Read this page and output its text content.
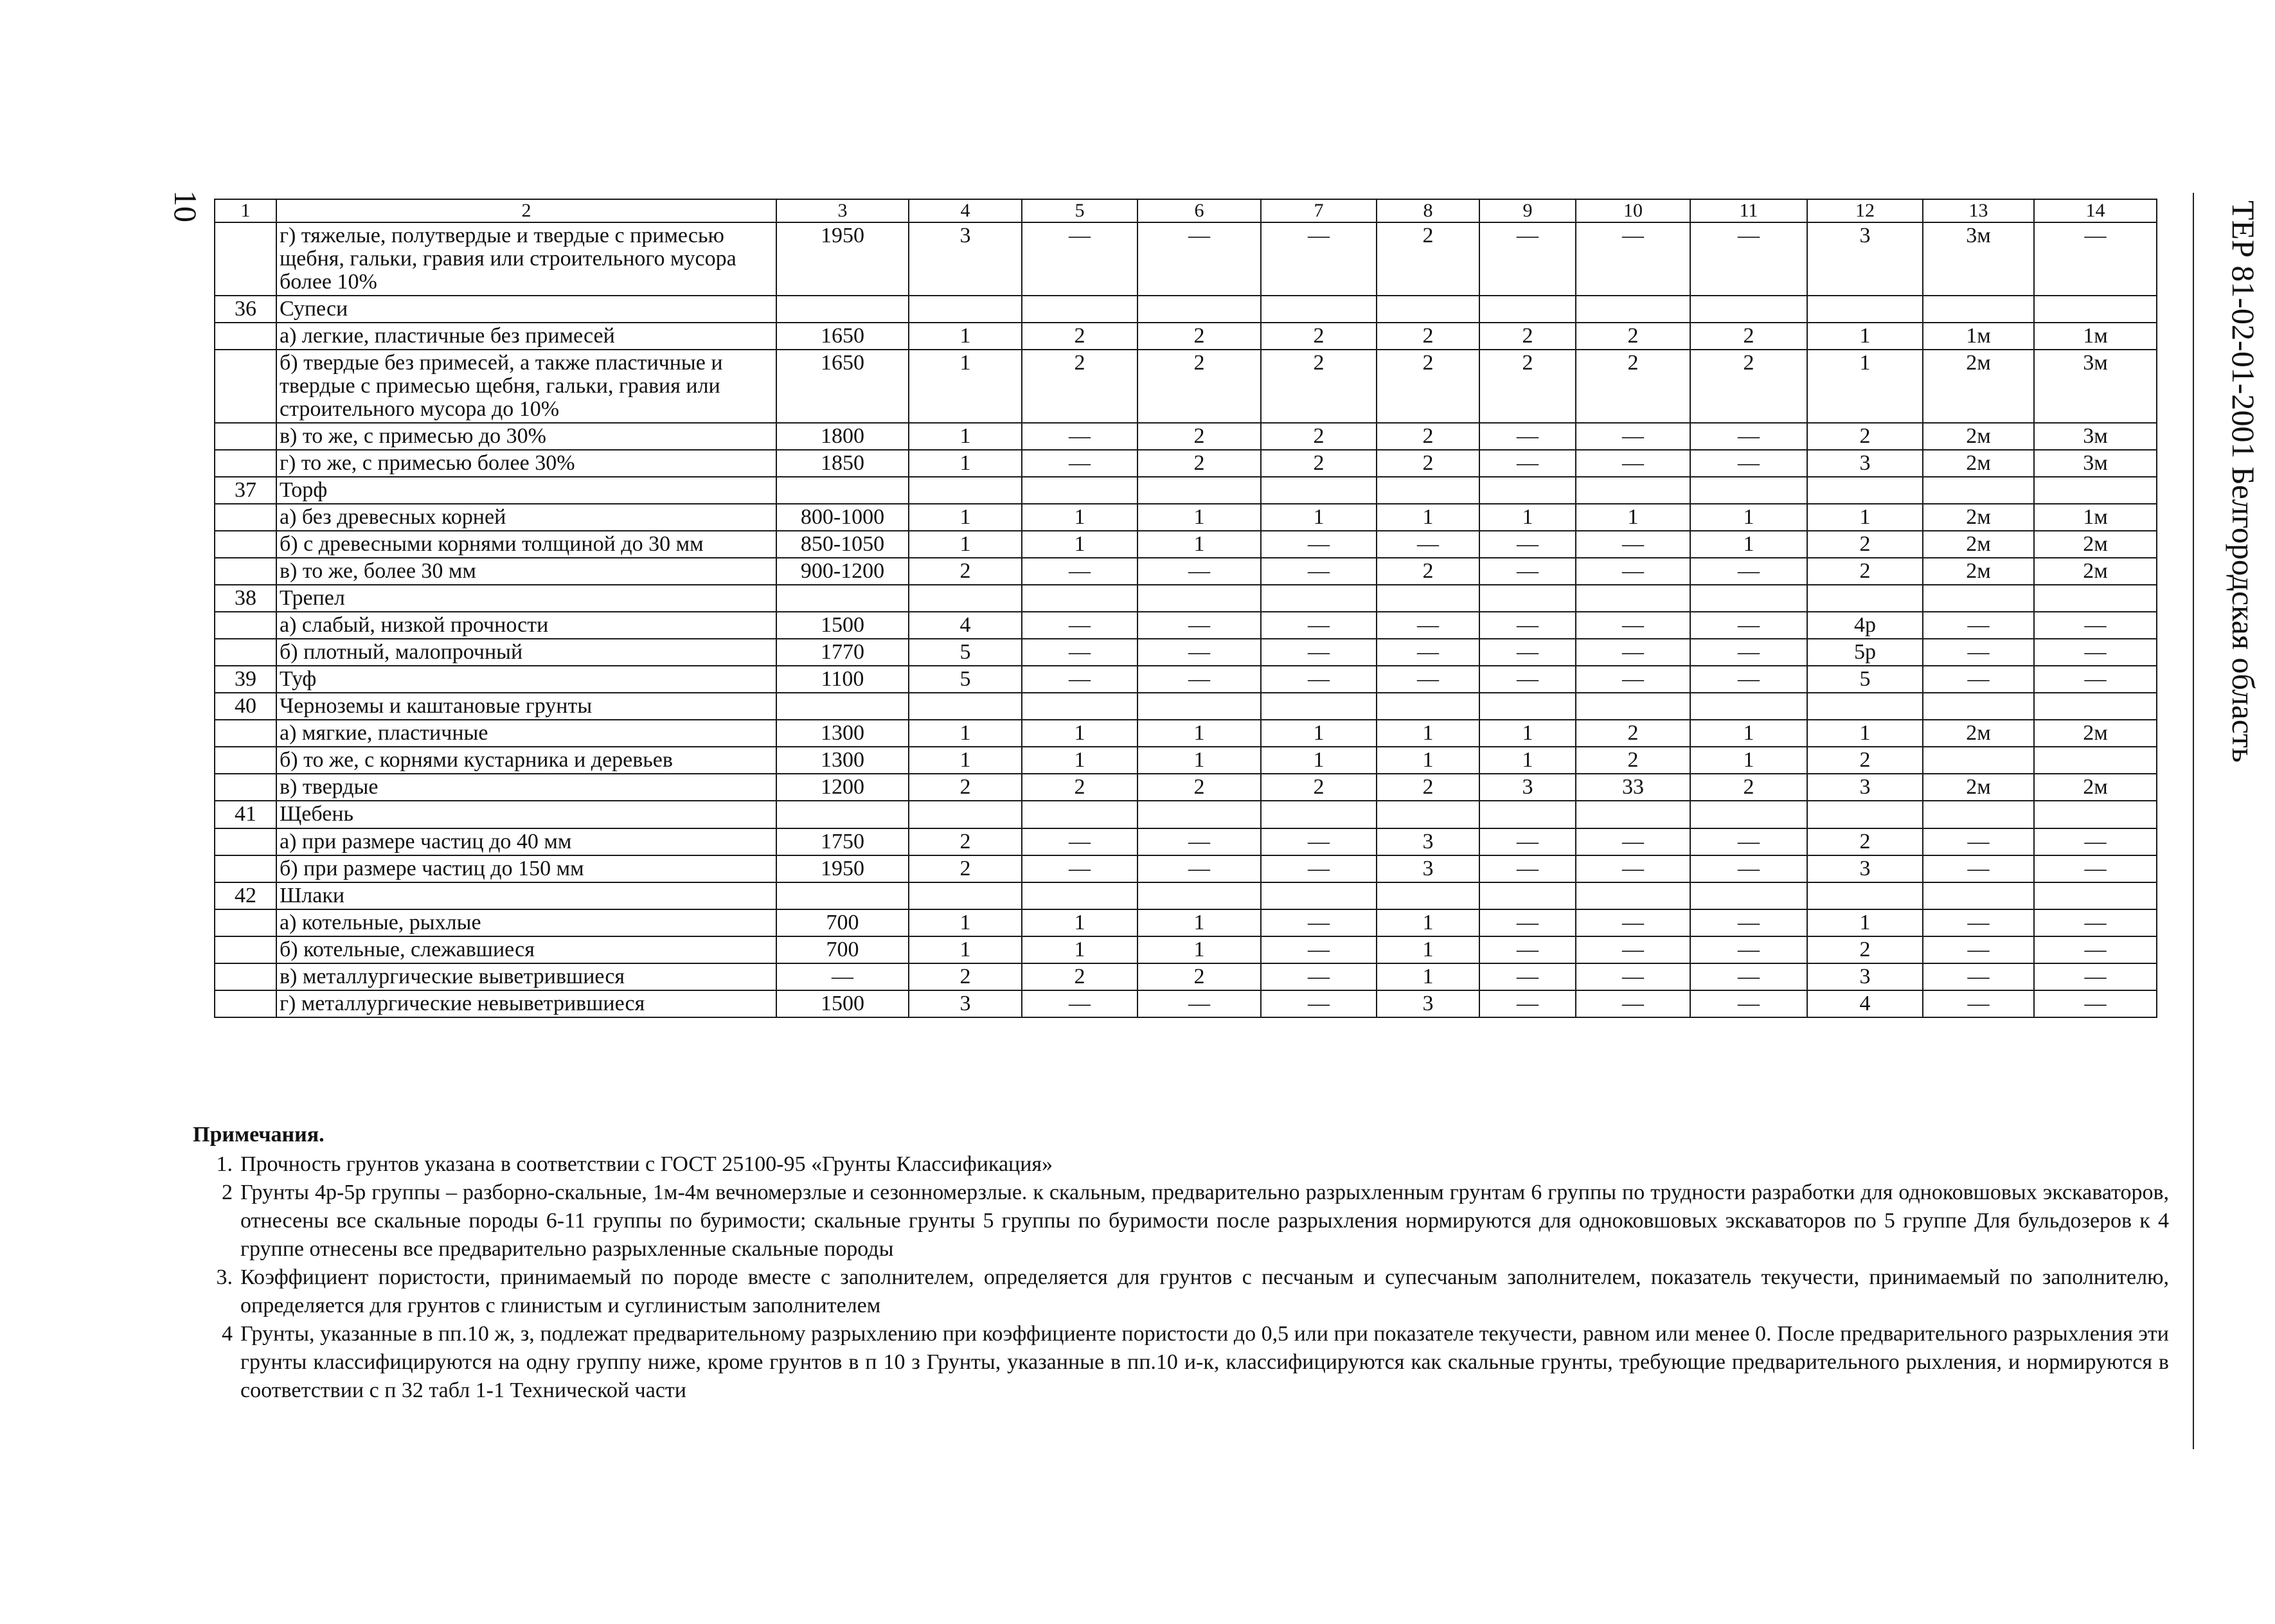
10	ТЕР 81-02-01-2001 Белгородская область
1	2	3	4	5	6	7	8	9	10	11	12	13	14
	г) тяжелые, полутвердые и твердые с примесью щебня, гальки, гравия или строительного мусора более 10%	1950	3	—	—	—	2	—	—	—	3	3м	—
36	Супеси												
	а) легкие, пластичные без примесей	1650	1	2	2	2	2	2	2	2	1	1м	1м
	б) твердые без примесей, а также пластичные и твердые с примесью щебня, гальки, гравия или строительного мусора до 10%	1650	1	2	2	2	2	2	2	2	1	2м	3м
	в) то же, с примесью до 30%	1800	1	—	2	2	2	—	—	—	2	2м	3м
	г) то же, с примесью более 30%	1850	1	—	2	2	2	—	—	—	3	2м	3м
37	Торф												
	а) без древесных корней	800-1000	1	1	1	1	1	1	1	1	1	2м	1м
	б) с древесными корнями толщиной до 30 мм	850-1050	1	1	1	—	—	—	—	1	2	2м	2м
	в) то же, более 30 мм	900-1200	2	—	—	—	2	—	—	—	2	2м	2м
38	Трепел												
	а) слабый, низкой прочности	1500	4	—	—	—	—	—	—	—	4р	—	—
	б) плотный, малопрочный	1770	5	—	—	—	—	—	—	—	5р	—	—
39	Туф	1100	5	—	—	—	—	—	—	—	5	—	—
40	Черноземы и каштановые грунты												
	а) мягкие, пластичные	1300	1	1	1	1	1	1	2	1	1	2м	2м
	б) то же, с корнями кустарника и деревьев	1300	1	1	1	1	1	1	2	1	2		
	в) твердые	1200	2	2	2	2	2	3	33	2	3	2м	2м
41	Щебень												
	а) при размере частиц до 40 мм	1750	2	—	—	—	3	—	—	—	2	—	—
	б) при размере частиц до 150 мм	1950	2	—	—	—	3	—	—	—	3	—	—
42	Шлаки												
	а) котельные, рыхлые	700	1	1	1	—	1	—	—	—	1	—	—
	б) котельные, слежавшиеся	700	1	1	1	—	1	—	—	—	2	—	—
	в) металлургические выветрившиеся	—	2	2	2	—	1	—	—	—	3	—	—
	г) металлургические невыветрившиеся	1500	3	—	—	—	3	—	—	—	4	—	—
Примечания.
1. Прочность грунтов указана в соответствии с ГОСТ 25100-95 «Грунты Классификация»
2 Грунты 4р-5р группы – разборно-скальные, 1м-4м вечномерзлые и сезонномерзлые. к скальным, предварительно разрыхленным грунтам 6 группы по трудности разработки для одноковшовых экскаваторов, отнесены все скальные породы 6-11 группы по буримости; скальные грунты 5 группы по буримости после разрыхления нормируются для одноковшовых экскаваторов по 5 группе Для бульдозеров к 4 группе отнесены все предварительно разрыхленные скальные породы
3. Коэффициент пористости, принимаемый по породе вместе с заполнителем, определяется для грунтов с песчаным и супесчаным заполнителем, показатель текучести, принимаемый по заполнителю, определяется для грунтов с глинистым и суглинистым заполнителем
4 Грунты, указанные в пп.10 ж, з, подлежат предварительному разрыхлению при коэффициенте пористости до 0,5 или при показателе текучести, равном или менее 0. После предварительного разрыхления эти грунты классифицируются на одну группу ниже, кроме грунтов в п 10 з Грунты, указанные в пп.10 и-к, классифицируются как скальные грунты, требующие предварительного рыхления, и нормируются в соответствии с п 32 табл 1-1 Технической части
